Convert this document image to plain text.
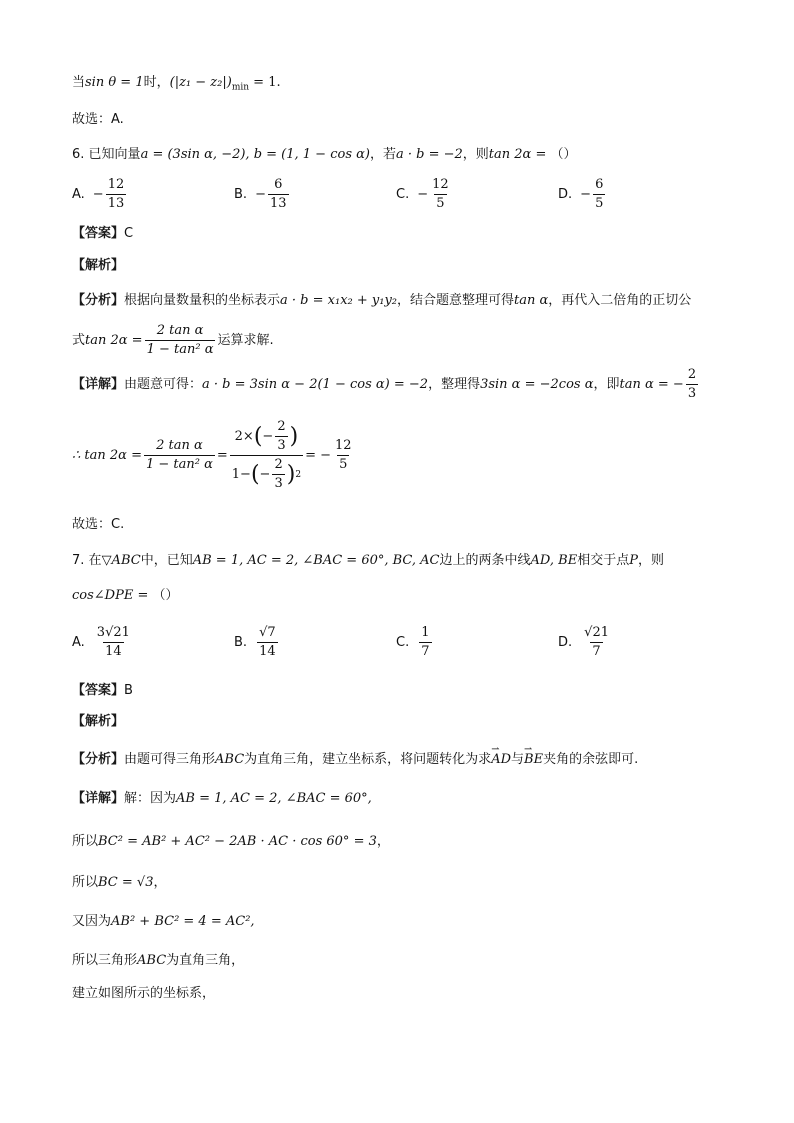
当sin θ = 1时，$(|z_1 - z_2|)_{min} = 1$.
故选：A.
6. 已知向量a = (3sin α, −2), b = (1, 1 − cos α)，若a · b = −2，则tan 2α = （）
A. − $\frac{12}{13}$	B. − $\frac{6}{13}$	C. − $\frac{12}{5}$	D. − $\frac{6}{5}$
【答案】C
【解析】
【分析】根据向量数量积的坐标表示a · b = x₁x₂ + y₁y₂，结合题意整理可得tan α，再代入二倍角的正切公
式 $\tan 2\alpha = \frac{\text{2 tan α}}{\text{1 − tan² α}}$ 运算求解.
【详解】 由题意可得： a · b = 3sin α − 2(1 − cos α) = −2 ，整理得 3sin α = −2cos α ，即 tan α = − $\frac{2}{3}$
∴ $\tan 2\alpha = \frac{\text{2 tan α}}{\text{1 − tan² α}} = \frac{2\times ( - \frac{2}{3} )}{1- ( - \frac{2}{3} ) 2}$ = − $\frac{12}{5}$
故选：C.
7. 在▽ABC中，已知AB = 1, AC = 2, ∠BAC = 60°, BC, AC边上的两条中线AD, BE相交于点P，则
cos∠DPE = （）
A. $\frac{3√21}{14}$	B. $\frac{√7}{14}$	C. $\frac{1}{7}$	D. $\frac{√21}{7}$
【答案】B
【解析】
【分析】由题可得三角形ABC为直角三角，建立坐标系，将问题转化为求⇀ AD与⇀ BE夹角的余弦即可.
【详解】解：因为AB = 1, AC = 2, ∠BAC = 60°,
所以BC² = AB² + AC² − 2AB · AC · cos 60° = 3，
所以BC = √3，
又因为AB² + BC² = 4 = AC²,
所以三角形ABC为直角三角，
建立如图所示的坐标系，
